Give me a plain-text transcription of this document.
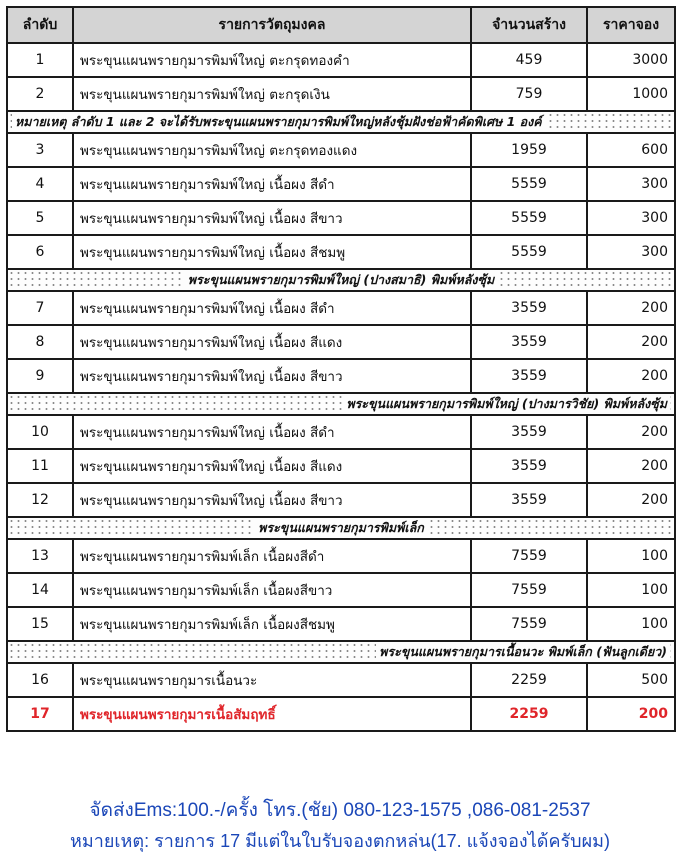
ลำดับ	รายการวัตถุมงคล	จำนวนสร้าง	ราคาจอง
1	พระขุนแผนพรายกุมารพิมพ์ใหญ่ ตะกรุดทองคำ	459	3000
2	พระขุนแผนพรายกุมารพิมพ์ใหญ่ ตะกรุดเงิน	759	1000
หมายเหตุ ลำดับ 1 และ 2 จะได้รับพระขุนแผนพรายกุมารพิมพ์ใหญ่หลังชุ้มฝังช่อฟ้าคัดพิเศษ 1 องค์			
3	พระขุนแผนพรายกุมารพิมพ์ใหญ่ ตะกรุดทองแดง	1959	600
4	พระขุนแผนพรายกุมารพิมพ์ใหญ่ เนื้อผง สีดำ	5559	300
5	พระขุนแผนพรายกุมารพิมพ์ใหญ่ เนื้อผง สีขาว	5559	300
6	พระขุนแผนพรายกุมารพิมพ์ใหญ่ เนื้อผง สีชมพู	5559	300
พระขุนแผนพรายกุมารพิมพ์ใหญ่ (ปางสมาธิ) พิมพ์หลังซุ้ม			
7	พระขุนแผนพรายกุมารพิมพ์ใหญ่ เนื้อผง สีดำ	3559	200
8	พระขุนแผนพรายกุมารพิมพ์ใหญ่ เนื้อผง สีแดง	3559	200
9	พระขุนแผนพรายกุมารพิมพ์ใหญ่ เนื้อผง สีขาว	3559	200
พระขุนแผนพรายกุมารพิมพ์ใหญ่ (ปางมารวิชัย) พิมพ์หลังซุ้ม			
10	พระขุนแผนพรายกุมารพิมพ์ใหญ่ เนื้อผง สีดำ	3559	200
11	พระขุนแผนพรายกุมารพิมพ์ใหญ่ เนื้อผง สีแดง	3559	200
12	พระขุนแผนพรายกุมารพิมพ์ใหญ่ เนื้อผง สีขาว	3559	200
พระขุนแผนพรายกุมารพิมพ์เล็ก			
13	พระขุนแผนพรายกุมารพิมพ์เล็ก เนื้อผงสีดำ	7559	100
14	พระขุนแผนพรายกุมารพิมพ์เล็ก เนื้อผงสีขาว	7559	100
15	พระขุนแผนพรายกุมารพิมพ์เล็ก เนื้อผงสีชมพู	7559	100
พระขุนแผนพรายกุมารเนื้อนวะ พิมพ์เล็ก (ฟันลูกเดียว)			
16	พระขุนแผนพรายกุมารเนื้อนวะ	2259	500
17	พระขุนแผนพรายกุมารเนื้อสัมฤทธิ์	2259	200
จัดส่งEms:100.-/ครั้ง โทร.(ชัย) 080-123-1575 ,086-081-2537
หมายเหตุ: รายการ 17 มีแต่ในใบรับจองตกหล่น(17. แจ้งจองได้ครับผม)
